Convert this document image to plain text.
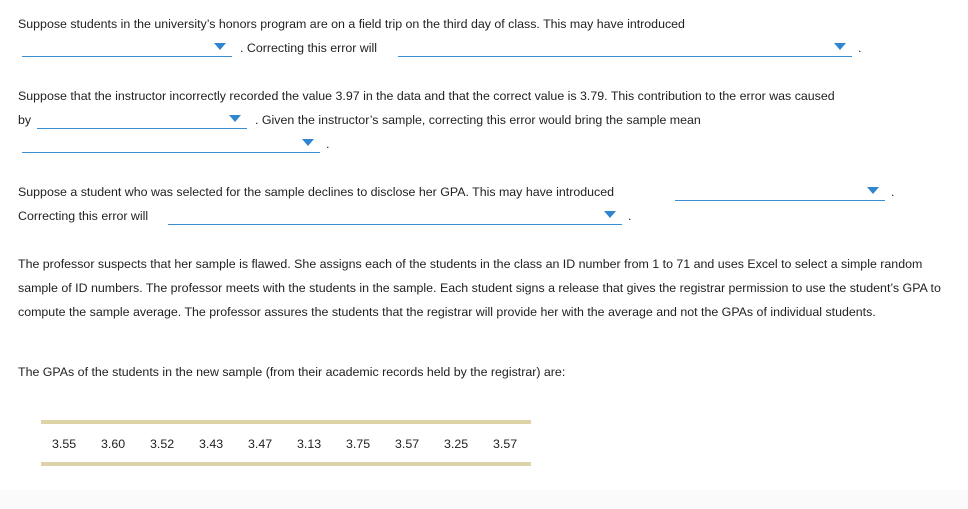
Suppose students in the university’s honors program are on a field trip on the third day of class. This may have introduced
. Correcting this error will	.
Suppose that the instructor incorrectly recorded the value 3.97 in the data and that the correct value is 3.79. This contribution to the error was caused
by	. Given the instructor’s sample, correcting this error would bring the sample mean
.
Suppose a student who was selected for the sample declines to disclose her GPA. This may have introduced	.
Correcting this error will	.
The professor suspects that her sample is flawed. She assigns each of the students in the class an ID number from 1 to 71 and uses Excel to select a simple random sample of ID numbers. The professor meets with the students in the sample. Each student signs a release that gives the registrar permission to use the student’s GPA to compute the sample average. The professor assures the students that the registrar will provide her with the average and not the GPAs of individual students.
The GPAs of the students in the new sample (from their academic records held by the registrar) are:
3.55 3.60 3.52 3.43 3.47 3.13 3.75 3.57 3.25 3.57
